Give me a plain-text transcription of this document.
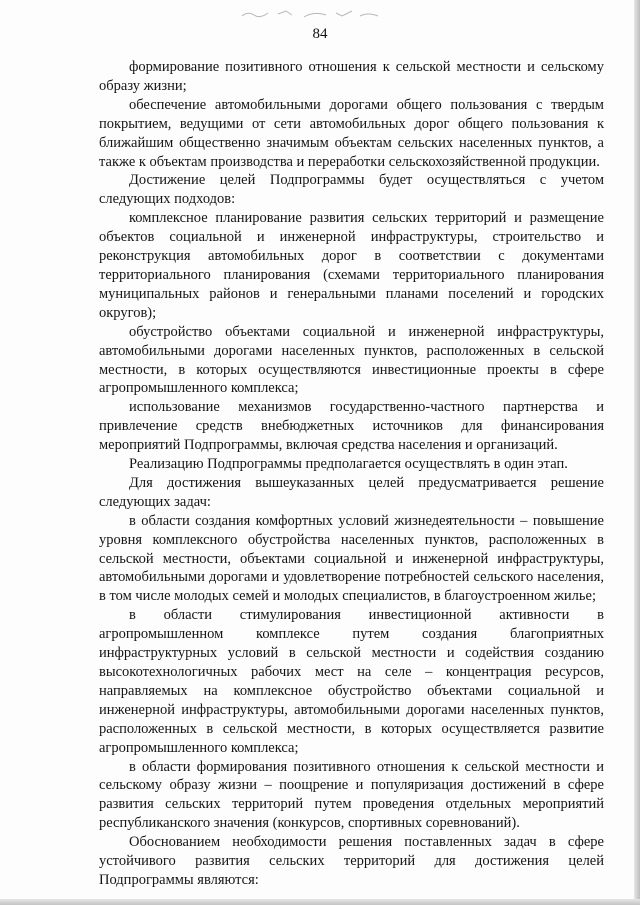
84

формирование позитивного отношения к сельской местности и сельскому образу жизни;

обеспечение автомобильными дорогами общего пользования с твердым покрытием, ведущими от сети автомобильных дорог общего пользования к ближайшим общественно значимым объектам сельских населенных пунктов, а также к объектам производства и переработки сельскохозяйственной продукции.

Достижение целей Подпрограммы будет осуществляться с учетом следующих подходов:

комплексное планирование развития сельских территорий и размещение объектов социальной и инженерной инфраструктуры, строительство и реконструкция автомобильных дорог в соответствии с документами территориального планирования (схемами территориального планирования муниципальных районов и генеральными планами поселений и городских округов);

обустройство объектами социальной и инженерной инфраструктуры, автомобильными дорогами населенных пунктов, расположенных в сельской местности, в которых осуществляются инвестиционные проекты в сфере агропромышленного комплекса;

использование механизмов государственно-частного партнерства и привлечение средств внебюджетных источников для финансирования мероприятий Подпрограммы, включая средства населения и организаций.

Реализацию Подпрограммы предполагается осуществлять в один этап.

Для достижения вышеуказанных целей предусматривается решение следующих задач:

в области создания комфортных условий жизнедеятельности – повышение уровня комплексного обустройства населенных пунктов, расположенных в сельской местности, объектами социальной и инженерной инфраструктуры, автомобильными дорогами и удовлетворение потребностей сельского населения, в том числе молодых семей и молодых специалистов, в благоустроенном жилье;

в области стимулирования инвестиционной активности в агропромышленном комплексе путем создания благоприятных инфраструктурных условий в сельской местности и содействия созданию высокотехнологичных рабочих мест на селе – концентрация ресурсов, направляемых на комплексное обустройство объектами социальной и инженерной инфраструктуры, автомобильными дорогами населенных пунктов, расположенных в сельской местности, в которых осуществляется развитие агропромышленного комплекса;

в области формирования позитивного отношения к сельской местности и сельскому образу жизни – поощрение и популяризация достижений в сфере развития сельских территорий путем проведения отдельных мероприятий республиканского значения (конкурсов, спортивных соревнований).

Обоснованием необходимости решения поставленных задач в сфере устойчивого развития сельских территорий для достижения целей Подпрограммы являются:
